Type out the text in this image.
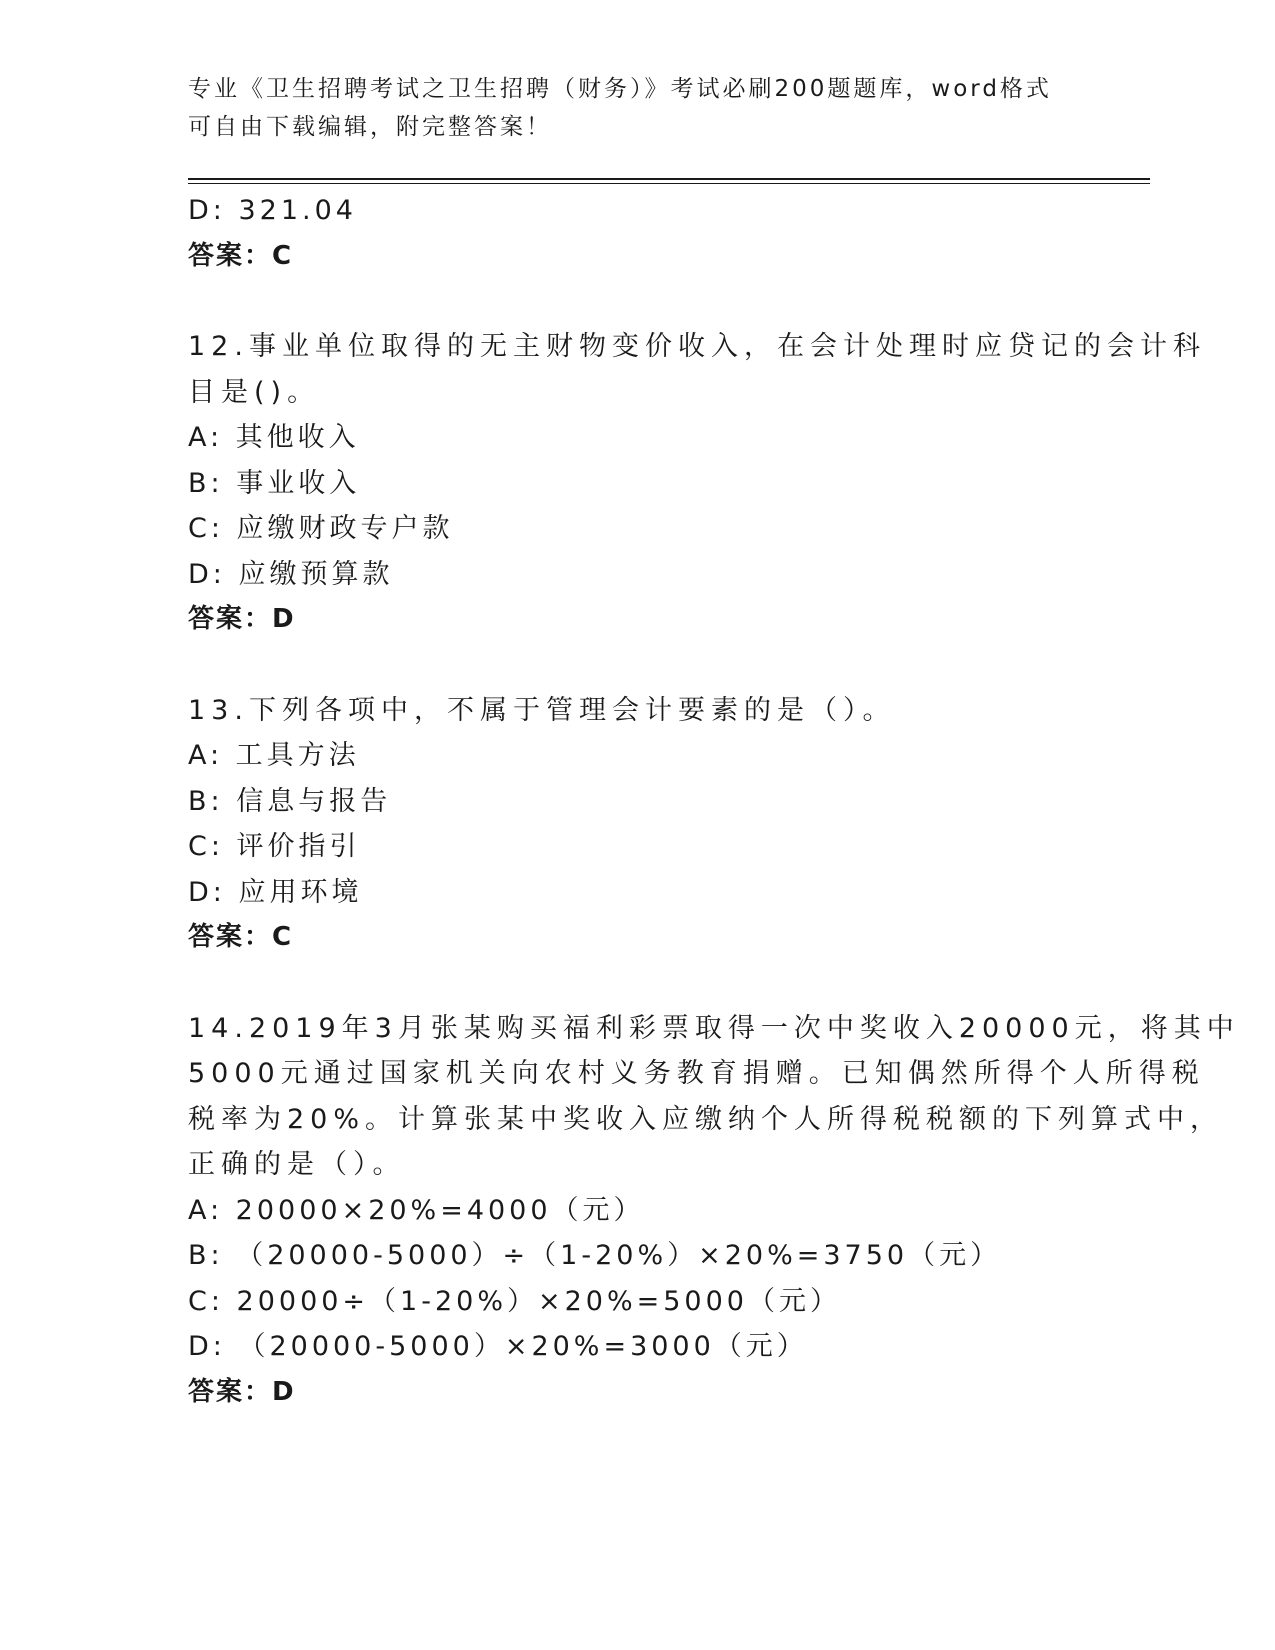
专业《卫生招聘考试之卫生招聘（财务）》考试必刷200题题库，word格式可自由下载编辑，附完整答案！
D: 321.04
答案：C
12.事业单位取得的无主财物变价收入，在会计处理时应贷记的会计科
目是()。
A: 其他收入
B: 事业收入
C: 应缴财政专户款
D: 应缴预算款
答案：D
13.下列各项中，不属于管理会计要素的是（）。
A: 工具方法
B: 信息与报告
C: 评价指引
D: 应用环境
答案：C
14.2019年3月张某购买福利彩票取得一次中奖收入20000元，将其中
5000元通过国家机关向农村义务教育捐赠。已知偶然所得个人所得税
税率为20%。计算张某中奖收入应缴纳个人所得税税额的下列算式中，
正确的是（）。
A: 20000×20%=4000（元）
B: （20000-5000）÷（1-20%）×20%=3750（元）
C: 20000÷（1-20%）×20%=5000（元）
D: （20000-5000）×20%=3000（元）
答案：D
